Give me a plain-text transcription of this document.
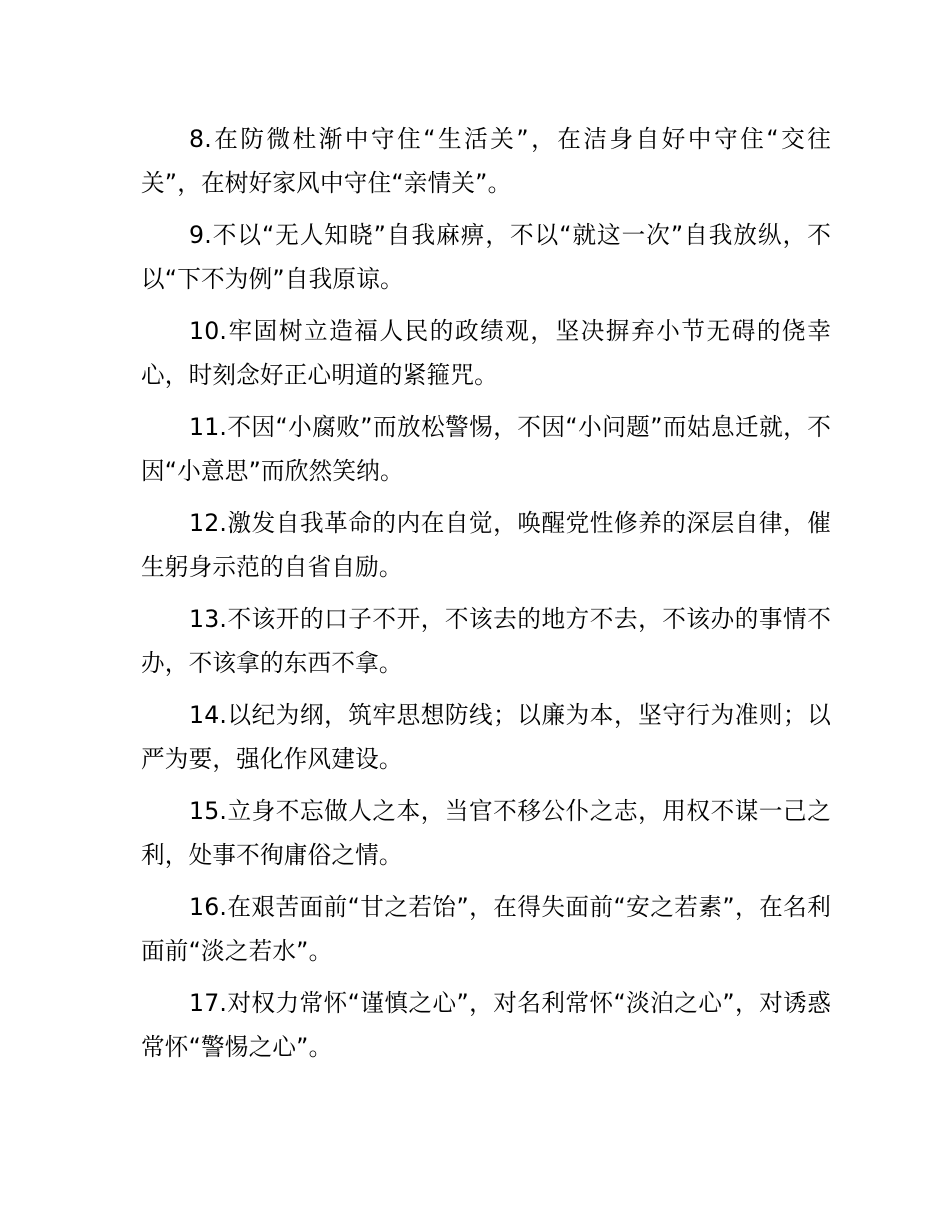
8.在防微杜渐中守住“生活关”，在洁身自好中守住“交往关”，在树好家风中守住“亲情关”。

9.不以“无人知晓”自我麻痹，不以“就这一次”自我放纵，不以“下不为例”自我原谅。

10.牢固树立造福人民的政绩观，坚决摒弃小节无碍的侥幸心，时刻念好正心明道的紧箍咒。

11.不因“小腐败”而放松警惕，不因“小问题”而姑息迁就，不因“小意思”而欣然笑纳。

12.激发自我革命的内在自觉，唤醒党性修养的深层自律，催生躬身示范的自省自励。

13.不该开的口子不开，不该去的地方不去，不该办的事情不办，不该拿的东西不拿。

14.以纪为纲，筑牢思想防线；以廉为本，坚守行为准则；以严为要，强化作风建设。

15.立身不忘做人之本，当官不移公仆之志，用权不谋一己之利，处事不徇庸俗之情。

16.在艰苦面前“甘之若饴”，在得失面前“安之若素”，在名利面前“淡之若水”。

17.对权力常怀“谨慎之心”，对名利常怀“淡泊之心”，对诱惑常怀“警惕之心”。
